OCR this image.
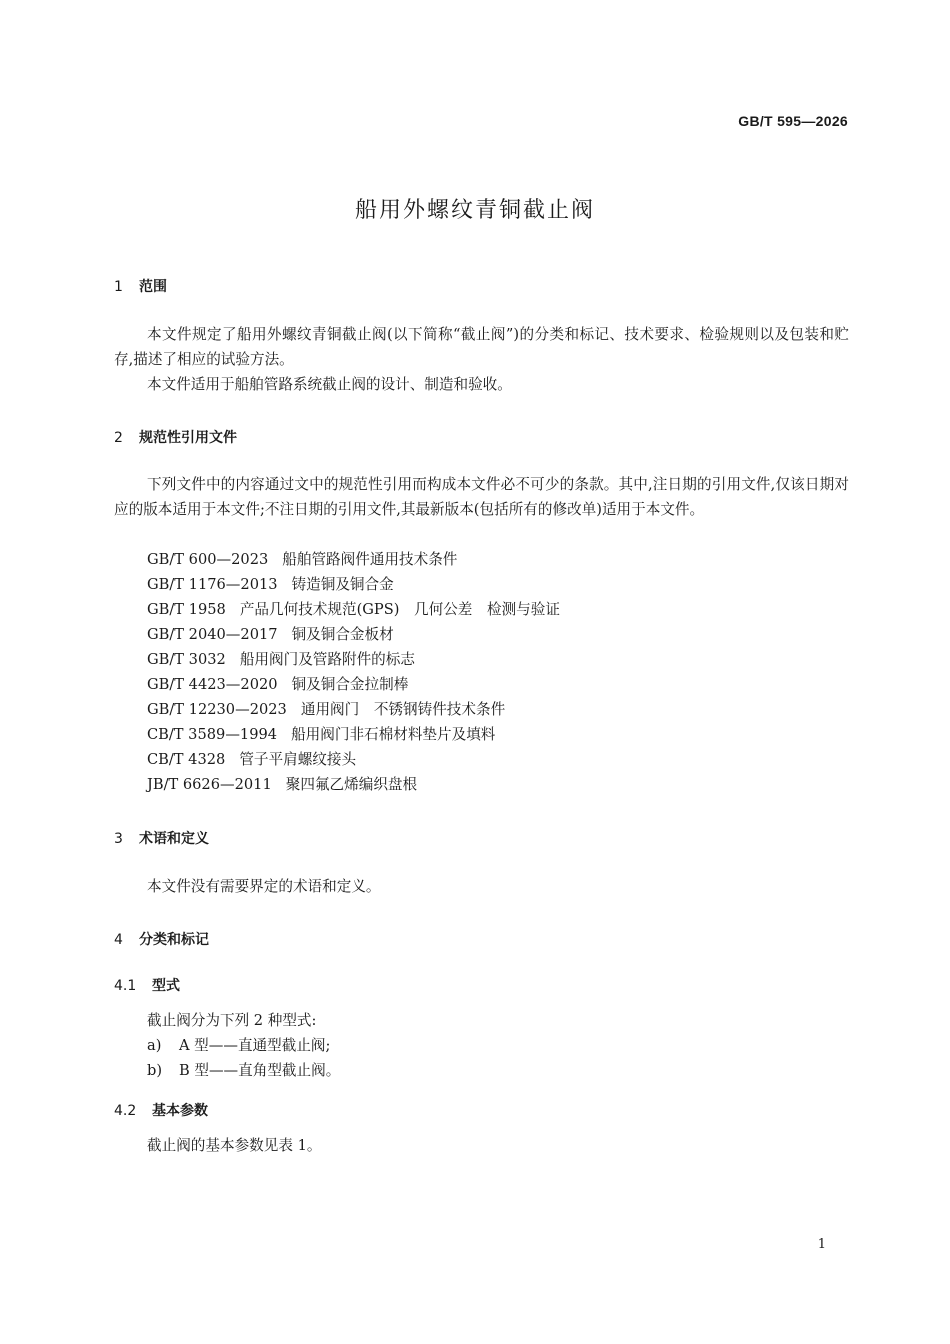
GB/T 595—2026
船用外螺纹青铜截止阀
1 范围
本文件规定了船用外螺纹青铜截止阀(以下简称“截止阀”)的分类和标记、技术要求、检验规则以及包装和贮存,描述了相应的试验方法。
本文件适用于船舶管路系统截止阀的设计、制造和验收。
2 规范性引用文件
下列文件中的内容通过文中的规范性引用而构成本文件必不可少的条款。其中,注日期的引用文件,仅该日期对应的版本适用于本文件;不注日期的引用文件,其最新版本(包括所有的修改单)适用于本文件。
GB/T 600—2023 船舶管路阀件通用技术条件
GB/T 1176—2013 铸造铜及铜合金
GB/T 1958 产品几何技术规范(GPS)　几何公差　检测与验证
GB/T 2040—2017 铜及铜合金板材
GB/T 3032 船用阀门及管路附件的标志
GB/T 4423—2020 铜及铜合金拉制棒
GB/T 12230—2023 通用阀门　不锈钢铸件技术条件
CB/T 3589—1994 船用阀门非石棉材料垫片及填料
CB/T 4328 管子平肩螺纹接头
JB/T 6626—2011 聚四氟乙烯编织盘根
3 术语和定义
本文件没有需要界定的术语和定义。
4 分类和标记
4.1 型式
截止阀分为下列 2 种型式:
a) A 型——直通型截止阀;
b) B 型——直角型截止阀。
4.2 基本参数
截止阀的基本参数见表 1。
1
